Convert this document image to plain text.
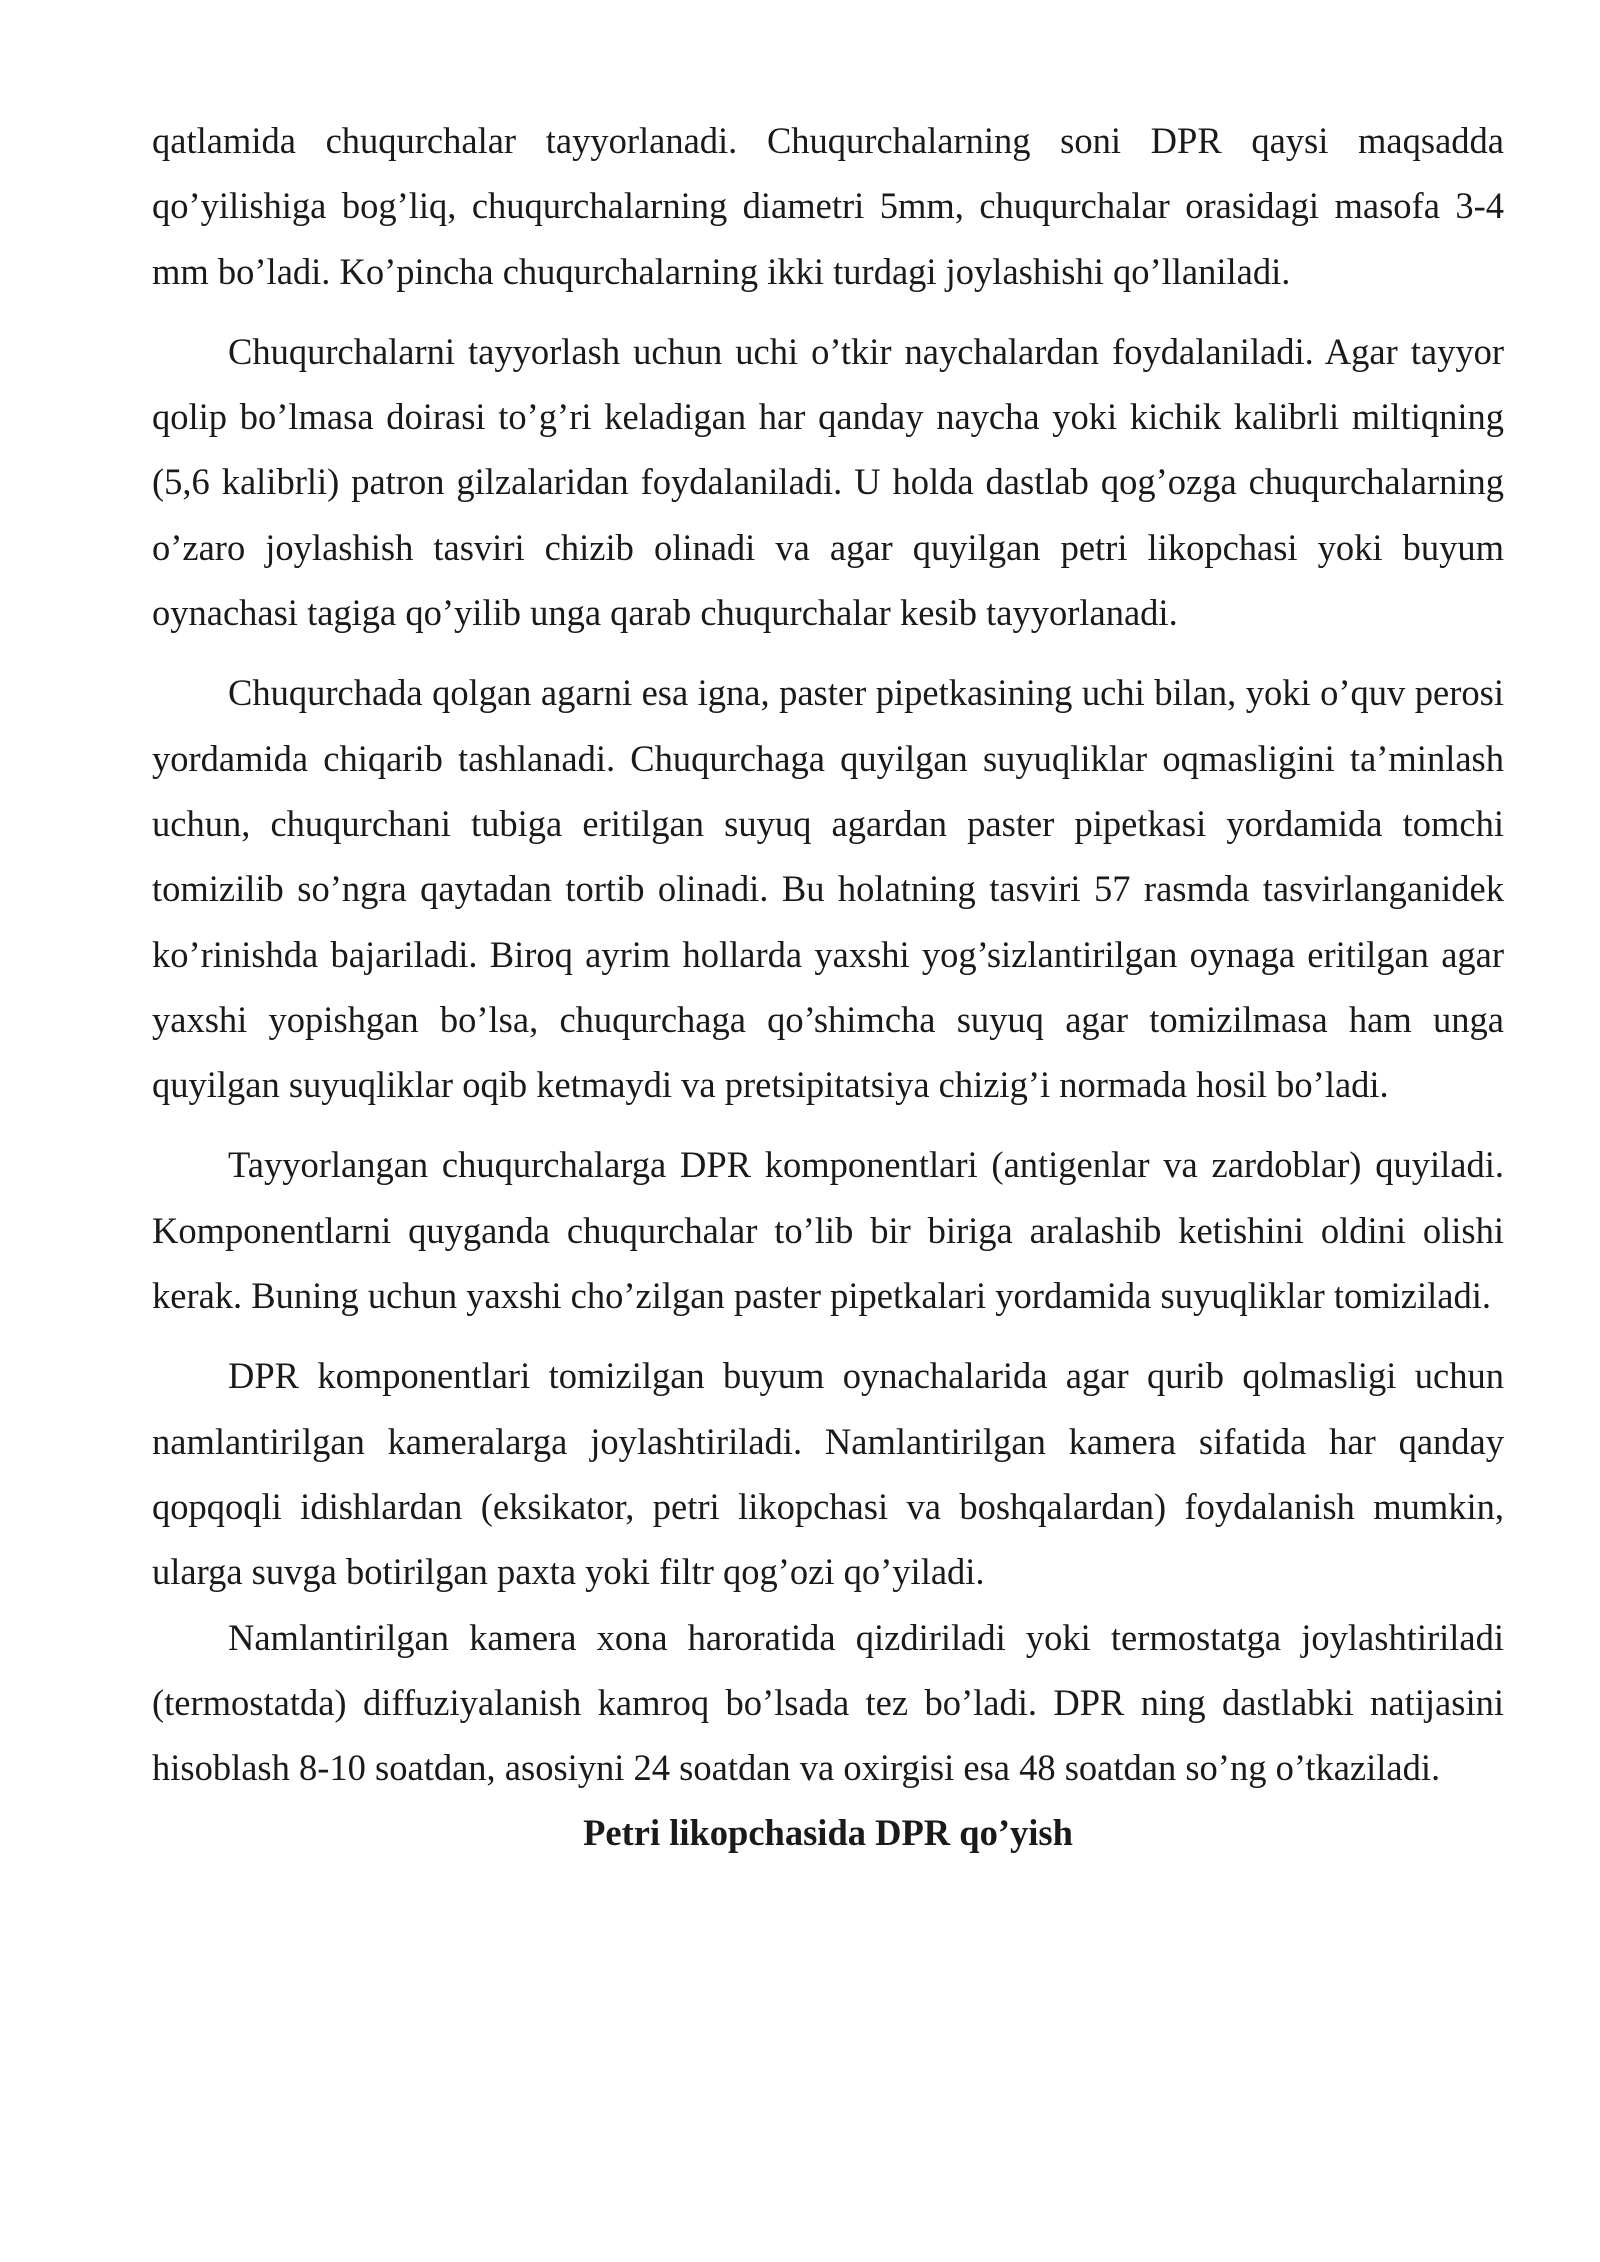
qatlamida chuqurchalar tayyorlanadi. Chuqurchalarning soni DPR qaysi maqsadda qo’yilishiga bog’liq, chuqurchalarning diametri 5mm, chuqurchalar orasidagi masofa 3-4 mm bo’ladi. Ko’pincha chuqurchalarning ikki turdagi joylashishi qo’llaniladi.

Chuqurchalarni tayyorlash uchun uchi o’tkir naychalardan foydalaniladi. Agar tayyor qolip bo’lmasa doirasi to’g’ri keladigan har qanday naycha yoki kichik kalibrli miltiqning (5,6 kalibrli) patron gilzalaridan foydalaniladi. U holda dastlab qog’ozga chuqurchalarning o’zaro joylashish tasviri chizib olinadi va agar quyilgan petri likopchasi yoki buyum oynachasi tagiga qo’yilib unga qarab chuqurchalar kesib tayyorlanadi.

Chuqurchada qolgan agarni esa igna, paster pipetkasining uchi bilan, yoki o’quv perosi yordamida chiqarib tashlanadi. Chuqurchaga quyilgan suyuqliklar oqmasligini ta’minlash uchun, chuqurchani tubiga eritilgan suyuq agardan paster pipetkasi yordamida tomchi tomizilib so’ngra qaytadan tortib olinadi. Bu holatning tasviri 57 rasmda tasvirlanganidek ko’rinishda bajariladi. Biroq ayrim hollarda yaxshi yog’sizlantirilgan oynaga eritilgan agar yaxshi yopishgan bo’lsa, chuqurchaga qo’shimcha suyuq agar tomizilmasa ham unga quyilgan suyuqliklar oqib ketmaydi va pretsipitatsiya chizig’i normada hosil bo’ladi.

Tayyorlangan chuqurchalarga DPR komponentlari (antigenlar va zardoblar) quyiladi. Komponentlarni quyganda chuqurchalar to’lib bir biriga aralashib ketishini oldini olishi kerak. Buning uchun yaxshi cho’zilgan paster pipetkalari yordamida suyuqliklar tomiziladi.

DPR komponentlari tomizilgan buyum oynachalarida agar qurib qolmasligi uchun namlantirilgan kameralarga joylashtiriladi. Namlantirilgan kamera sifatida har qanday qopqoqli idishlardan (eksikator, petri likopchasi va boshqalardan) foydalanish mumkin, ularga suvga botirilgan paxta yoki filtr qog’ozi qo’yiladi.

Namlantirilgan kamera xona haroratida qizdiriladi yoki termostatga joylashtiriladi (termostatda) diffuziyalanish kamroq bo’lsada tez bo’ladi. DPR ning dastlabki natijasini hisoblash 8-10 soatdan, asosiyni 24 soatdan va oxirgisi esa 48 soatdan so’ng o’tkaziladi.

Petri likopchasida DPR qo’yish
